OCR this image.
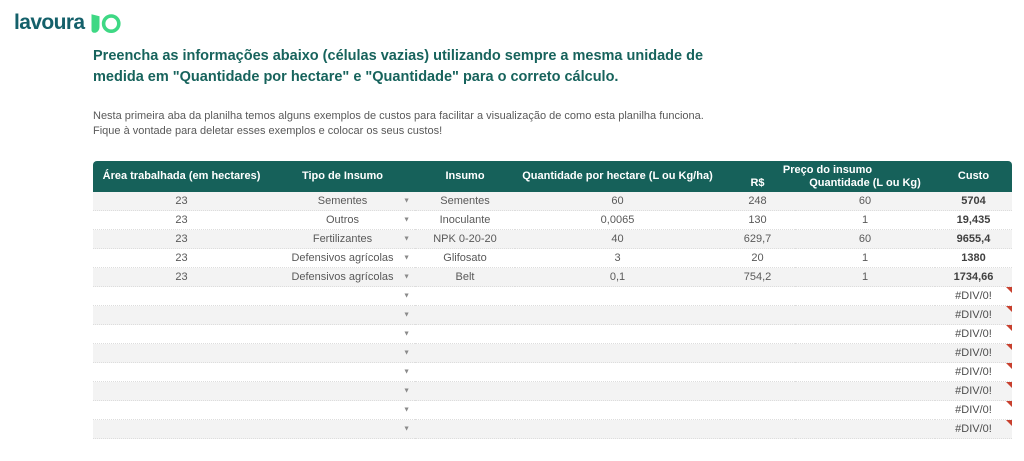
lavoura

Preencha as informações abaixo (células vazias) utilizando sempre a mesma unidade de medida em "Quantidade por hectare" e "Quantidade" para o correto cálculo.

Nesta primeira aba da planilha temos alguns exemplos de custos para facilitar a visualização de como esta planilha funciona.

Fique à vontade para deletar esses exemplos e colocar os seus custos!

Área trabalhada (em hectares)	Tipo de Insumo	Insumo	Quantidade por hectare (L ou Kg/ha)	Preço do insumo		Custo
				R$	Quantidade (L ou Kg)	
23	Sementes ▼	Sementes	60	248	60	5704
23	Outros ▼	Inoculante	0,0065	130	1	19,435
23	Fertilizantes ▼	NPK 0-20-20	40	629,7	60	9655,4
23	Defensivos agrícolas ▼	Glifosato	3	20	1	1380
23	Defensivos agrícolas ▼	Belt	0,1	754,2	1	1734,66

	▼					#DIV/0!

	▼					#DIV/0!

	▼					#DIV/0!

	▼					#DIV/0!

	▼					#DIV/0!

	▼					#DIV/0!

	▼					#DIV/0!

	▼					#DIV/0!
